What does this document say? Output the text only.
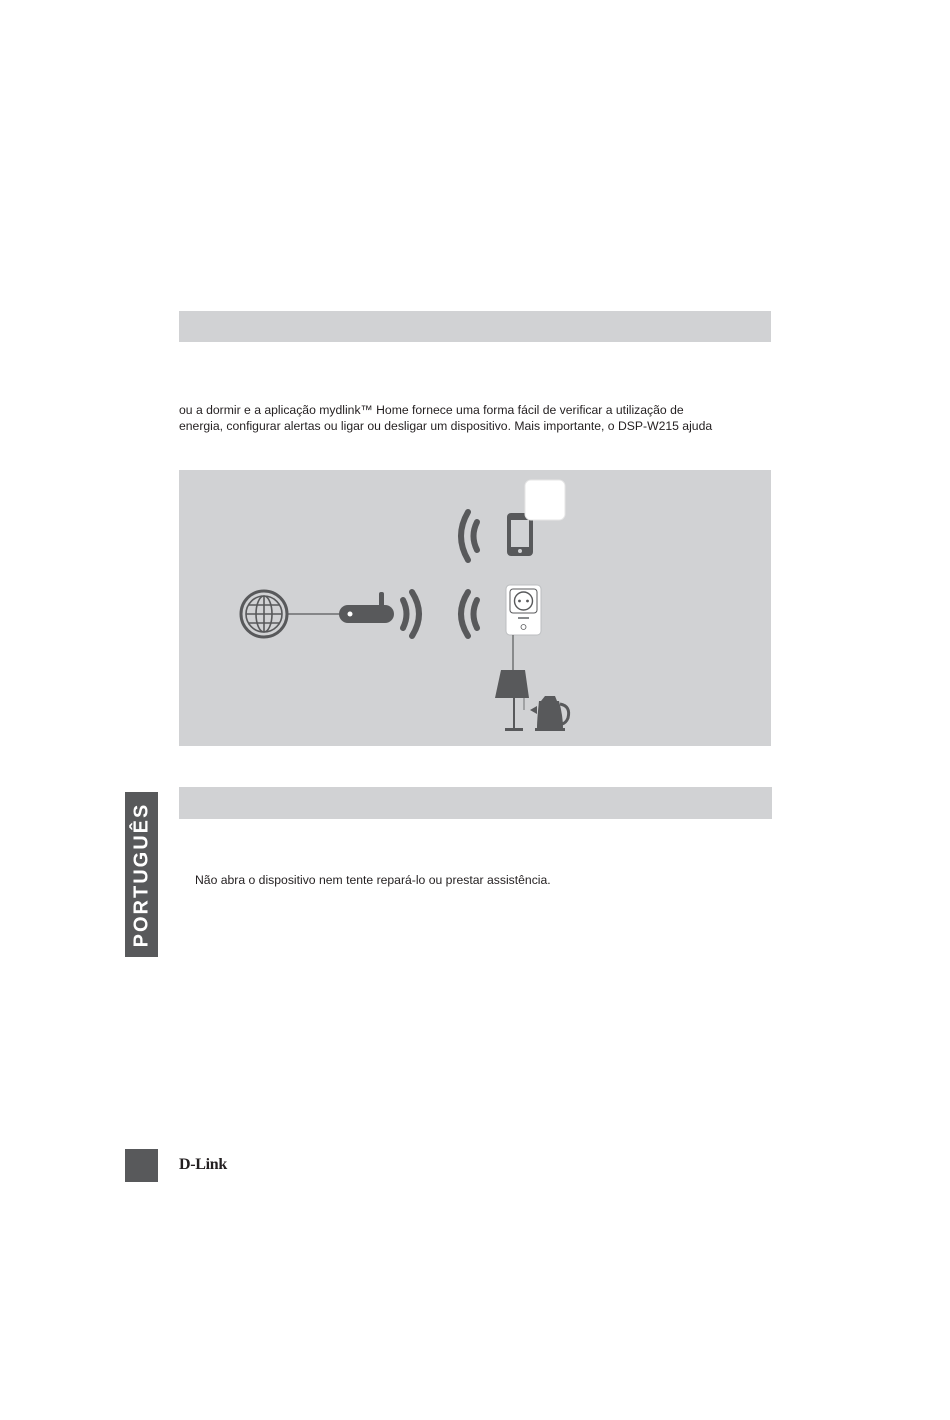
ou a dormir e a aplicação mydlink™ Home fornece uma forma fácil de verificar a utilização de
energia, configurar alertas ou ligar ou desligar um dispositivo. Mais importante, o DSP-W215 ajuda
Não abra o dispositivo nem tente repará-lo ou prestar assistência.
PORTUGUÊS
D-Link
